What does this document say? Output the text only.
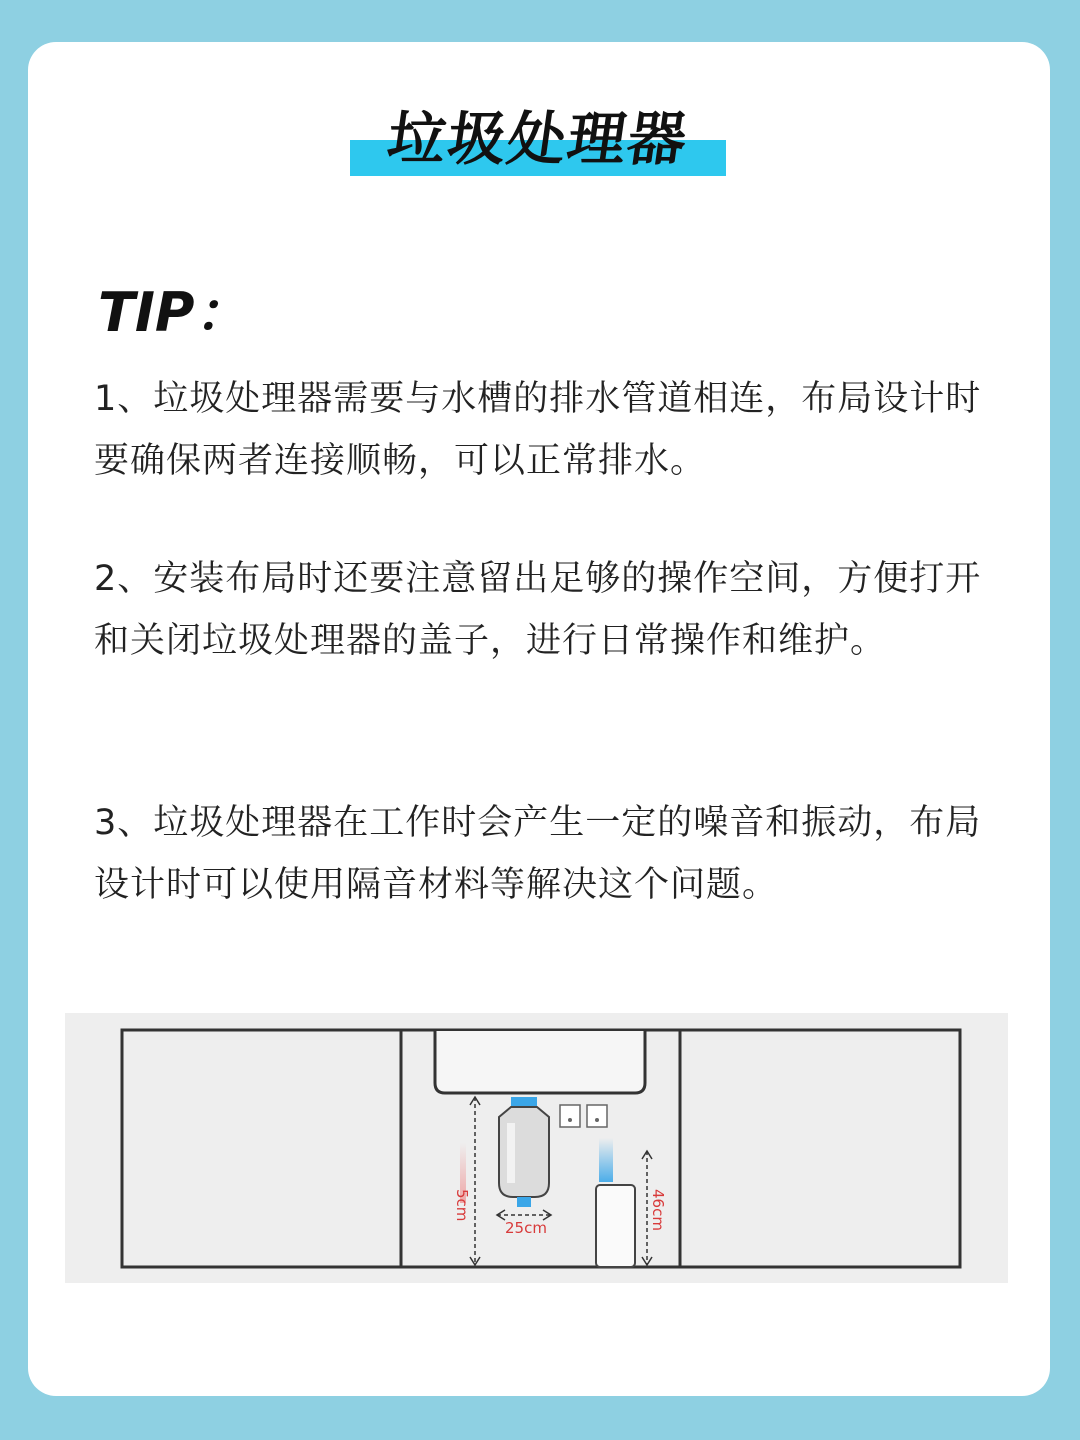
垃圾处理器
TIP：
1、垃圾处理器需要与水槽的排水管道相连，布局设计时要确保两者连接顺畅，可以正常排水。
2、安装布局时还要注意留出足够的操作空间，方便打开和关闭垃圾处理器的盖子，进行日常操作和维护。
3、垃圾处理器在工作时会产生一定的噪音和振动，布局设计时可以使用隔音材料等解决这个问题。
5cm
25cm	46cm
